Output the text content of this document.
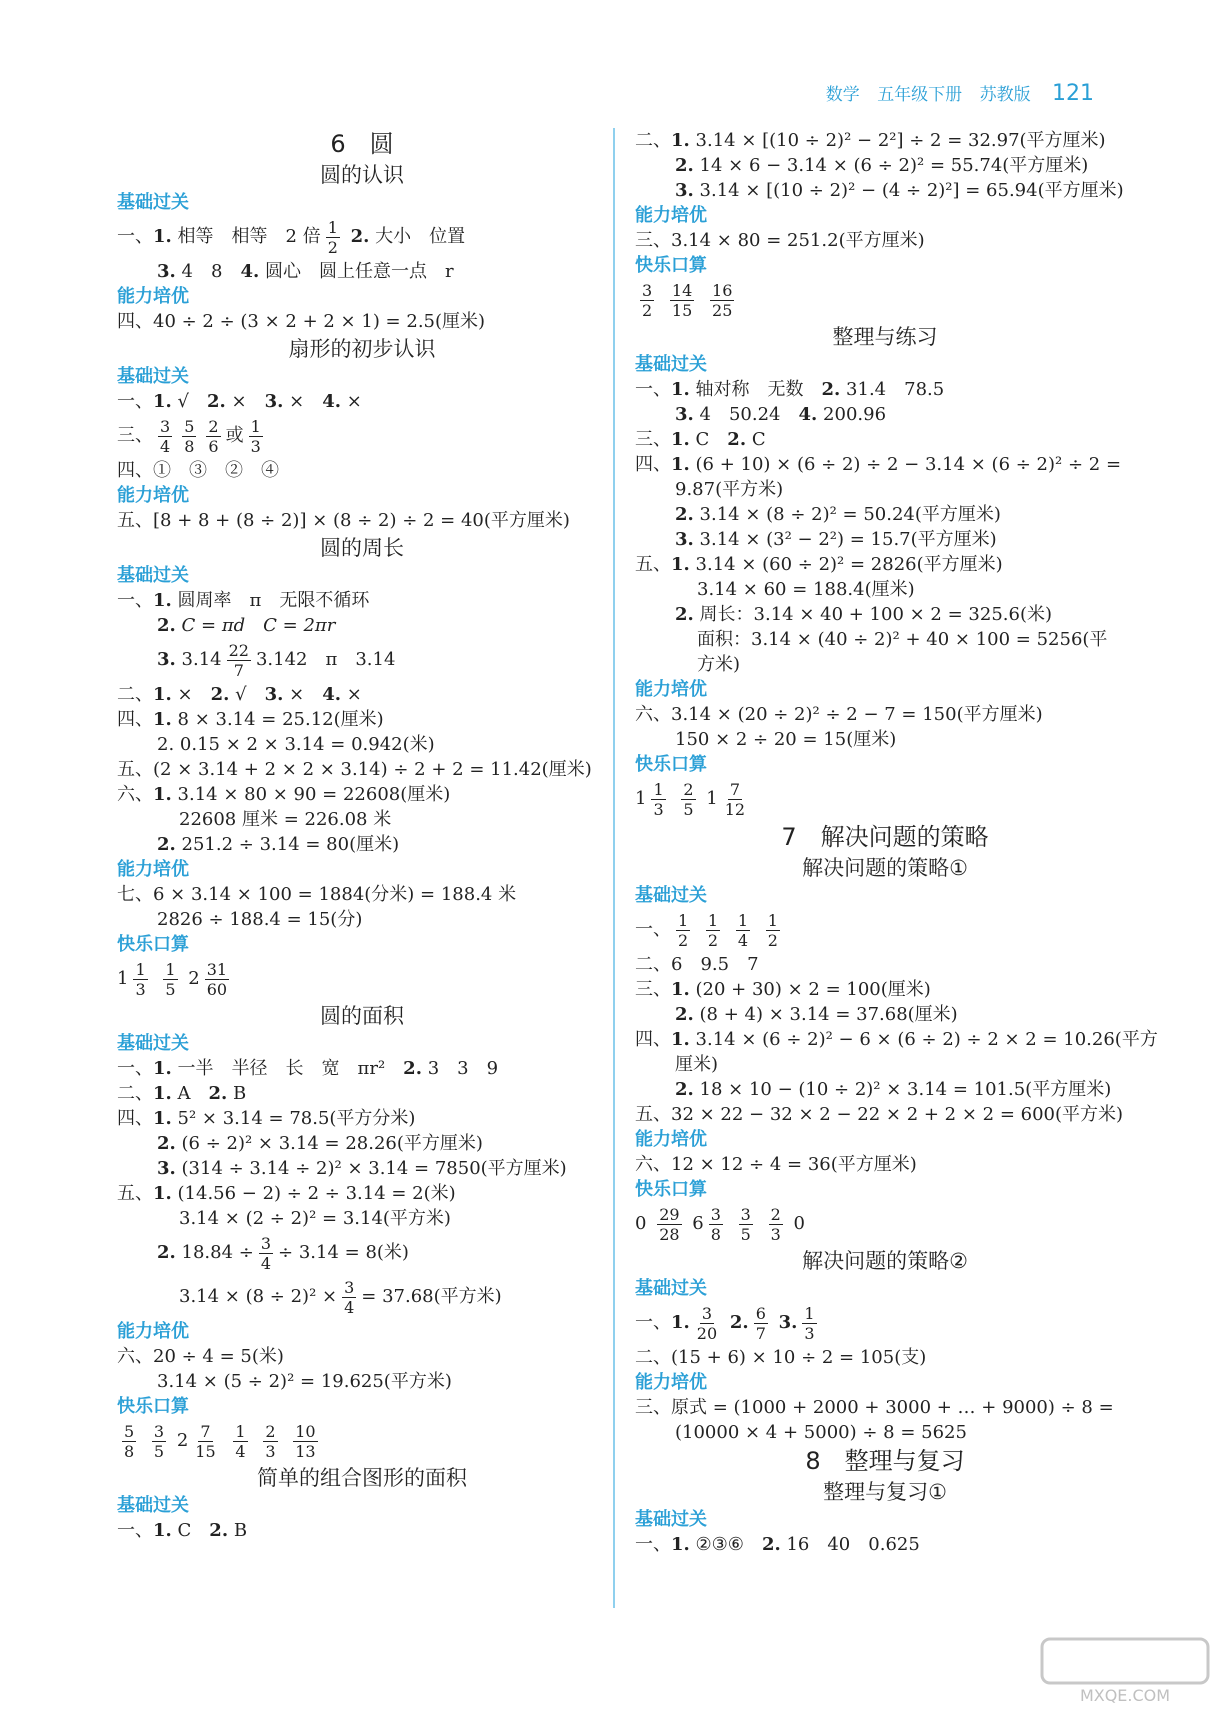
数学 五年级下册 苏教版 121
6　 圆
圆的认识
基础过关
一、1. 相等　相等　2 倍 $\frac{1}{2} 2$. 大小　位置
3. 4　8　4. 圆心　圆上任意一点　r
能力培优
四、40 ÷ 2 ÷ (3 × 2 + 2 × 1) = 2.5(厘米)
扇形的初步认识
基础过关
一、1. √　2. ×　3. ×　4. ×
三、 $\frac{3}{4} \frac{5}{8} \frac{2}{6}$ 或 $\frac{1}{3}$
四、①　③　②　④
能力培优
五、[8 + 8 + (8 ÷ 2)] × (8 ÷ 2) ÷ 2 = 40(平方厘米)
圆的周长
基础过关
一、1. 圆周率　π　无限不循环
2. C = πd　C = 2πr
3. $3.14 \frac{22}{7} 3.142$　π　3.14
二、1. ×　2. √　3. ×　4. ×
四、1. 8 × 3.14 = 25.12(厘米)
2. 0.15 × 2 × 3.14 = 0.942(米)
五、(2 × 3.14 + 2 × 2 × 3.14) ÷ 2 + 2 = 11.42(厘米)
六、1. 3.14 × 80 × 90 = 22608(厘米)
22608 厘米 = 226.08 米
2. 251.2 ÷ 3.14 = 80(厘米)
能力培优
七、6 × 3.14 × 100 = 1884(分米) = 188.4 米
2826 ÷ 188.4 = 15(分)
快乐口算
$1 \frac{1}{3}$
$\frac{1}{5} 2 \frac{31}{60}$
圆的面积
基础过关
一、1. 一半　半径　长　宽　πr²　2. 3　3　9
二、1. A　2. B
四、1. 5² × 3.14 = 78.5(平方分米)
2. (6 ÷ 2)² × 3.14 = 28.26(平方厘米)
3. (314 ÷ 3.14 ÷ 2)² × 3.14 = 7850(平方厘米)
五、1. (14.56 − 2) ÷ 2 ÷ 3.14 = 2(米)
3.14 × (2 ÷ 2)² = 3.14(平方米)
2. $18.84 \div \frac{3}{4} \div 3.14 = 8$(米)
$3.14 \times (8 \div 2)^2 \times \frac{3}{4} = 37.68$(平方米)
能力培优
六、20 ÷ 4 = 5(米)
3.14 × (5 ÷ 2)² = 19.625(平方米)
快乐口算
$\frac{5}{8}$
$\frac{3}{5} 2 \frac{7}{15}$
$\frac{1}{4}$
$\frac{2}{3}$
$\frac{10}{13}$
简单的组合图形的面积
基础过关
一、1. C　2. B
二、1. 3.14 × [(10 ÷ 2)² − 2²] ÷ 2 = 32.97(平方厘米)
2. 14 × 6 − 3.14 × (6 ÷ 2)² = 55.74(平方厘米)
3. 3.14 × [(10 ÷ 2)² − (4 ÷ 2)²] = 65.94(平方厘米)
能力培优
三、3.14 × 80 = 251.2(平方厘米)
快乐口算
$\frac{3}{2}$
$\frac{14}{15}$
$\frac{16}{25}$
整理与练习
基础过关
一、1. 轴对称　无数　2. 31.4　78.5
3. 4　50.24　4. 200.96
三、1. C　2. C
四、1. (6 + 10) × (6 ÷ 2) ÷ 2 − 3.14 × (6 ÷ 2)² ÷ 2 =
9.87(平方米)
2. 3.14 × (8 ÷ 2)² = 50.24(平方厘米)
3. 3.14 × (3² − 2²) = 15.7(平方厘米)
五、1. 3.14 × (60 ÷ 2)² = 2826(平方厘米)
3.14 × 60 = 188.4(厘米)
2. 周长：3.14 × 40 + 100 × 2 = 325.6(米)
面积：3.14 × (40 ÷ 2)² + 40 × 100 = 5256(平
方米)
能力培优
六、3.14 × (20 ÷ 2)² ÷ 2 − 7 = 150(平方厘米)
150 × 2 ÷ 20 = 15(厘米)
快乐口算
$1 \frac{1}{3}$
$\frac{2}{5} 1 \frac{7}{12}$
7　 解决问题的策略
解决问题的策略①
基础过关
一、 $\frac{1}{2}$
$\frac{1}{2}$
$\frac{1}{4}$
$\frac{1}{2}$
二、6　9.5　7
三、1. (20 + 30) × 2 = 100(厘米)
2. (8 + 4) × 3.14 = 37.68(厘米)
四、1. 3.14 × (6 ÷ 2)² − 6 × (6 ÷ 2) ÷ 2 × 2 = 10.26(平方
厘米)
2. 18 × 10 − (10 ÷ 2)² × 3.14 = 101.5(平方厘米)
五、32 × 22 − 32 × 2 − 22 × 2 + 2 × 2 = 600(平方米)
能力培优
六、12 × 12 ÷ 4 = 36(平方厘米)
快乐口算
$0 \frac{29}{28} 6 \frac{3}{8}$
$\frac{3}{5}$
$\frac{2}{3} 0$
解决问题的策略②
基础过关
一、1. $\frac{3}{20} 2$. $\frac{6}{7} 3$. $\frac{1}{3}$
二、(15 + 6) × 10 ÷ 2 = 105(支)
能力培优
三、原式 = (1000 + 2000 + 3000 + … + 9000) ÷ 8 =
(10000 × 4 + 5000) ÷ 8 = 5625
8　 整理与复习
整理与复习①
基础过关
一、1. ②③⑥　2. 16　40　0.625
MXQE.COM
